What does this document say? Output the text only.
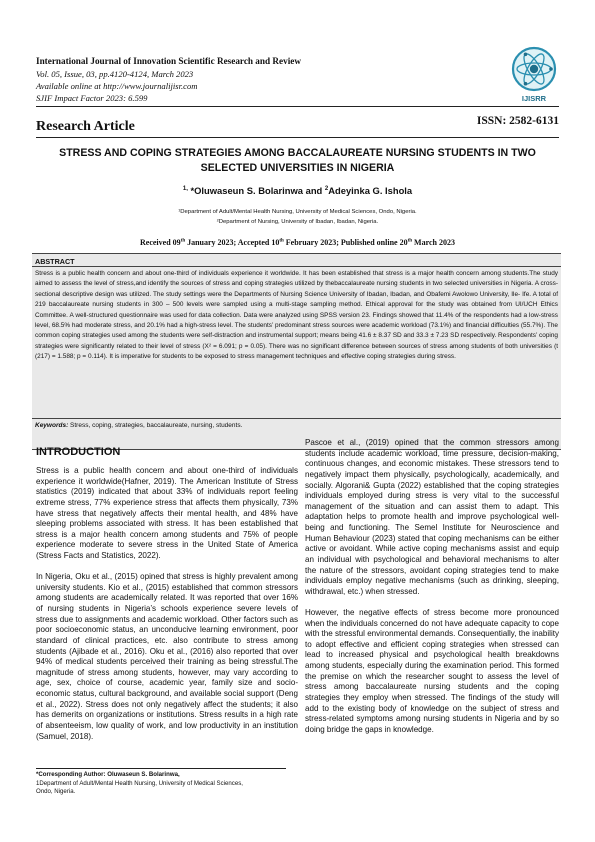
International Journal of Innovation Scientific Research and Review
Vol. 05, Issue, 03, pp.4120-4124, March 2023
Available online at http://www.journalijisr.com
SJIF Impact Factor 2023: 6.599	IJISRR
Research Article	ISSN: 2582-6131
STRESS AND COPING STRATEGIES AMONG BACCALAUREATE NURSING STUDENTS IN TWO SELECTED UNIVERSITIES IN NIGERIA
$^{1,}$ *Oluwaseun S. Bolarinwa and $^2$Adeyinka G. Ishola
¹Department of Adult/Mental Health Nursing, University of Medical Sciences, Ondo, Nigeria.
²Department of Nursing, University of Ibadan, Ibadan, Nigeria.
Received 09th January 2023; Accepted 10th February 2023; Published online 20th March 2023
ABSTRACT
Stress is a public health concern and about one-third of individuals experience it worldwide. It has been established that stress is a major health concern among students.The study aimed to assess the level of stress,and identify the sources of stress and coping strategies utilized by thebaccalaureate nursing students in two selected universities in Nigeria. A cross-sectional descriptive design was utilized. The study settings were the Departments of Nursing Science University of Ibadan, Ibadan, and Obafemi Awolowo University, Ile- Ife. A total of 219 baccalaureate nursing students in 300 – 500 levels were sampled using a multi-stage sampling method. Ethical approval for the study was obtained from UI/UCH Ethics Committee. A well-structured questionnaire was used for data collection. Data were analyzed using SPSS version 23. Findings showed that 11.4% of the respondents had a low-stress level, 68.5% had moderate stress, and 20.1% had a high-stress level. The students’ predominant stress sources were academic workload (73.1%) and financial difficulties (55.7%). The common coping strategies used among the students were self-distraction and instrumental support; means being 41.6 ± 8.37 SD and 33.3 ± 7.23 SD respectively. Respondents’ coping strategies were significantly related to their level of stress (X² = 6.091; p = 0.05). There was no significant difference between sources of stress among students of both universities (t (217) = 1.588; p = 0.114). It is imperative for students to be exposed to stress management techniques and effective coping strategies during stress.
Keywords: Stress, coping, strategies, baccalaureate, nursing, students.
INTRODUCTION

Stress is a public health concern and about one-third of individuals experience it worldwide(Hafner, 2019). The American Institute of Stress statistics (2019) indicated that about 33% of individuals report feeling extreme stress, 77% experience stress that affects them physically, 73% have stress that negatively affects their mental health, and 48% have sleeping problems associated with stress. It has been established that stress is a major health concern among students and 75% of people experience moderate to severe stress in the United State of America (Stress Facts and Statistics, 2022).

In Nigeria, Oku et al., (2015) opined that stress is highly prevalent among university students. Kio et al., (2015) established that common stressors among students are academically related. It was reported that over 16% of nursing students in Nigeria’s schools experience severe levels of stress due to assignments and academic workload. Other factors such as poor socioeconomic status, an unconducive learning environment, poor standard of clinical practices, etc. also contribute to stress among students (Ajibade et al., 2016). Oku et al., (2016) also reported that over 94% of medical students perceived their training as being stressful.The magnitude of stress among students, however, may vary according to age, sex, choice of course, academic year, family size and socio-economic status, cultural background, and available social support (Deng et al., 2022). Stress does not only negatively affect the students; it also has demerits on organizations or institutions. Stress results in a high rate of absenteeism, low quality of work, and low productivity in an institution (Samuel, 2018).

Pascoe et al., (2019) opined that the common stressors among students include academic workload, time pressure, decision-making, continuous changes, and economic mistakes. These stressors tend to negatively impact them physically, psychologically, academically, and socially. Algorani& Gupta (2022) established that the coping strategies individuals employed during stress is very vital to the successful management of the situation and can assist them to adapt. This adaptation helps to promote health and improve psychological well-being and functioning. The Semel Institute for Neuroscience and Human Behaviour (2023) stated that coping mechanisms can be either active or avoidant. While active coping mechanisms assist and equip an individual with psychological and behavioral mechanisms to alter the nature of the stressors, avoidant coping strategies tend to make individuals employ negative mechanisms (such as drinking, sleeping, withdrawal, etc.) when stressed.

However, the negative effects of stress become more pronounced when the individuals concerned do not have adequate capacity to cope with the stressful environmental demands. Consequentially, the inability to adopt effective and efficient coping strategies when stressed can lead to increased physical and psychological health breakdowns among students, especially during the examination period. This formed the premise on which the researcher sought to assess the level of stress among baccalaureate nursing students and the coping strategies they employ when stressed. The findings of the study will add to the existing body of knowledge on the subject of stress and stress-related symptoms among nursing students in Nigeria and by so doing bridge the gaps in knowledge.

*Corresponding Author: Oluwaseun S. Bolarinwa,
1Department of Adult/Mental Health Nursing, University of Medical Sciences,
Ondo, Nigeria.
